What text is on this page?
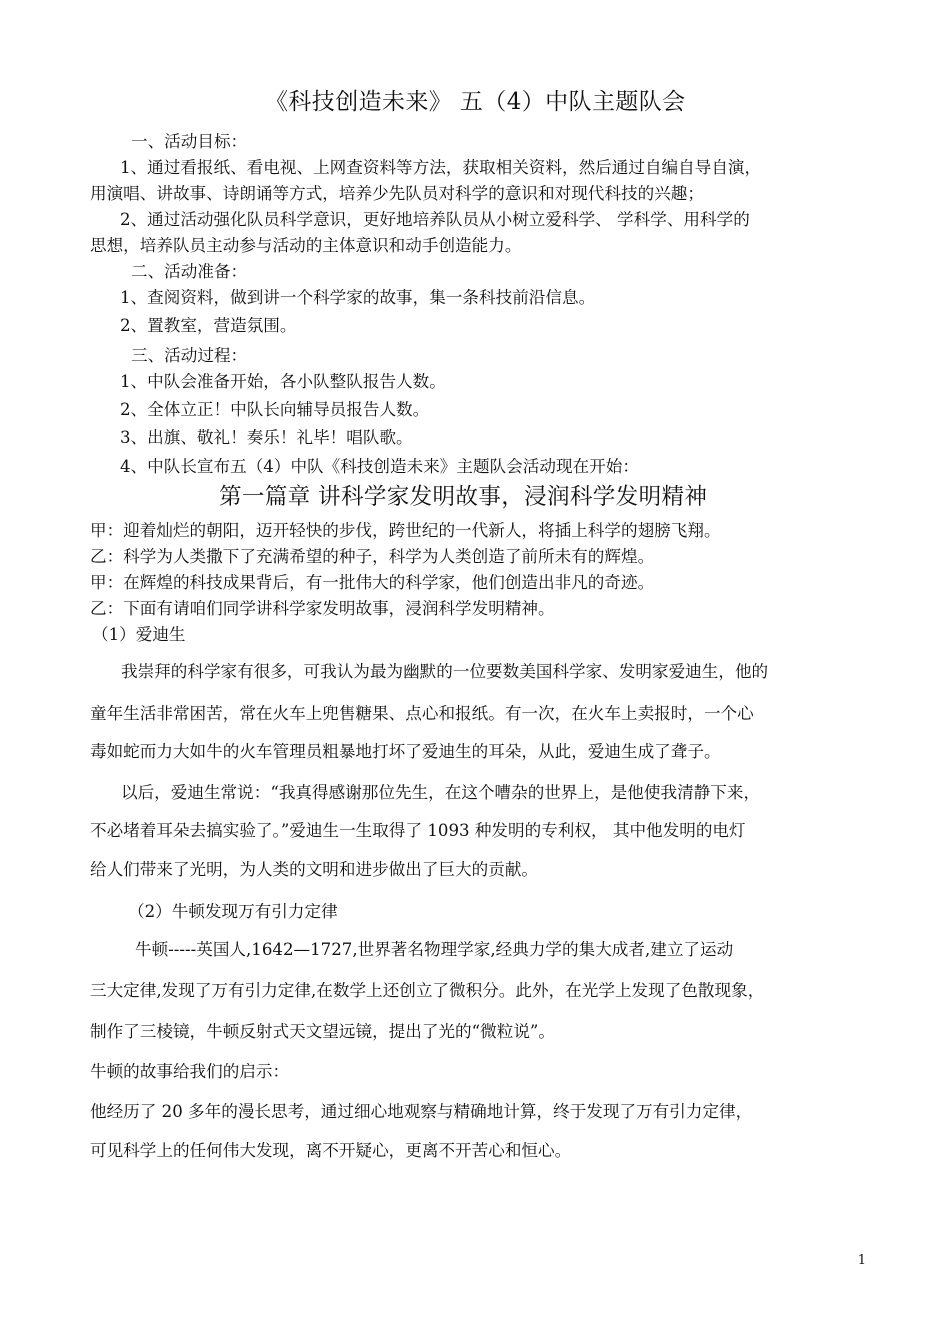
《科技创造未来》 五（4）中队主题队会
一、活动目标：
1、通过看报纸、看电视、上网查资料等方法，获取相关资料，然后通过自编自导自演，
用演唱、讲故事、诗朗诵等方式，培养少先队员对科学的意识和对现代科技的兴趣；
2、通过活动强化队员科学意识，更好地培养队员从小树立爱科学、 学科学、用科学的
思想，培养队员主动参与活动的主体意识和动手创造能力。
二、活动准备：
1、查阅资料，做到讲一个科学家的故事，集一条科技前沿信息。
2、置教室，营造氛围。
三、活动过程：
1、中队会准备开始，各小队整队报告人数。
2、全体立正！中队长向辅导员报告人数。
3、出旗、敬礼！奏乐！礼毕！唱队歌。
4、中队长宣布五（4）中队《科技创造未来》主题队会活动现在开始：
第一篇章 讲科学家发明故事，浸润科学发明精神
甲：迎着灿烂的朝阳，迈开轻快的步伐，跨世纪的一代新人，将插上科学的翅膀飞翔。
乙：科学为人类撒下了充满希望的种子，科学为人类创造了前所未有的辉煌。
甲：在辉煌的科技成果背后，有一批伟大的科学家，他们创造出非凡的奇迹。
乙：下面有请咱们同学讲科学家发明故事，浸润科学发明精神。
（1）爱迪生
我崇拜的科学家有很多，可我认为最为幽默的一位要数美国科学家、发明家爱迪生，他的
童年生活非常困苦，常在火车上兜售糖果、点心和报纸。有一次，在火车上卖报时，一个心
毒如蛇而力大如牛的火车管理员粗暴地打坏了爱迪生的耳朵，从此，爱迪生成了聋子。
以后，爱迪生常说：“我真得感谢那位先生，在这个嘈杂的世界上，是他使我清静下来，
不必堵着耳朵去搞实验了。”爱迪生一生取得了 1093 种发明的专利权， 其中他发明的电灯
给人们带来了光明，为人类的文明和进步做出了巨大的贡献。
（2）牛顿发现万有引力定律
牛顿-----英国人,1642—1727,世界著名物理学家,经典力学的集大成者,建立了运动
三大定律,发现了万有引力定律,在数学上还创立了微积分。此外，在光学上发现了色散现象，
制作了三棱镜，牛顿反射式天文望远镜，提出了光的“微粒说”。
牛顿的故事给我们的启示：
他经历了 20 多年的漫长思考，通过细心地观察与精确地计算，终于发现了万有引力定律，
可见科学上的任何伟大发现，离不开疑心，更离不开苦心和恒心。
1
